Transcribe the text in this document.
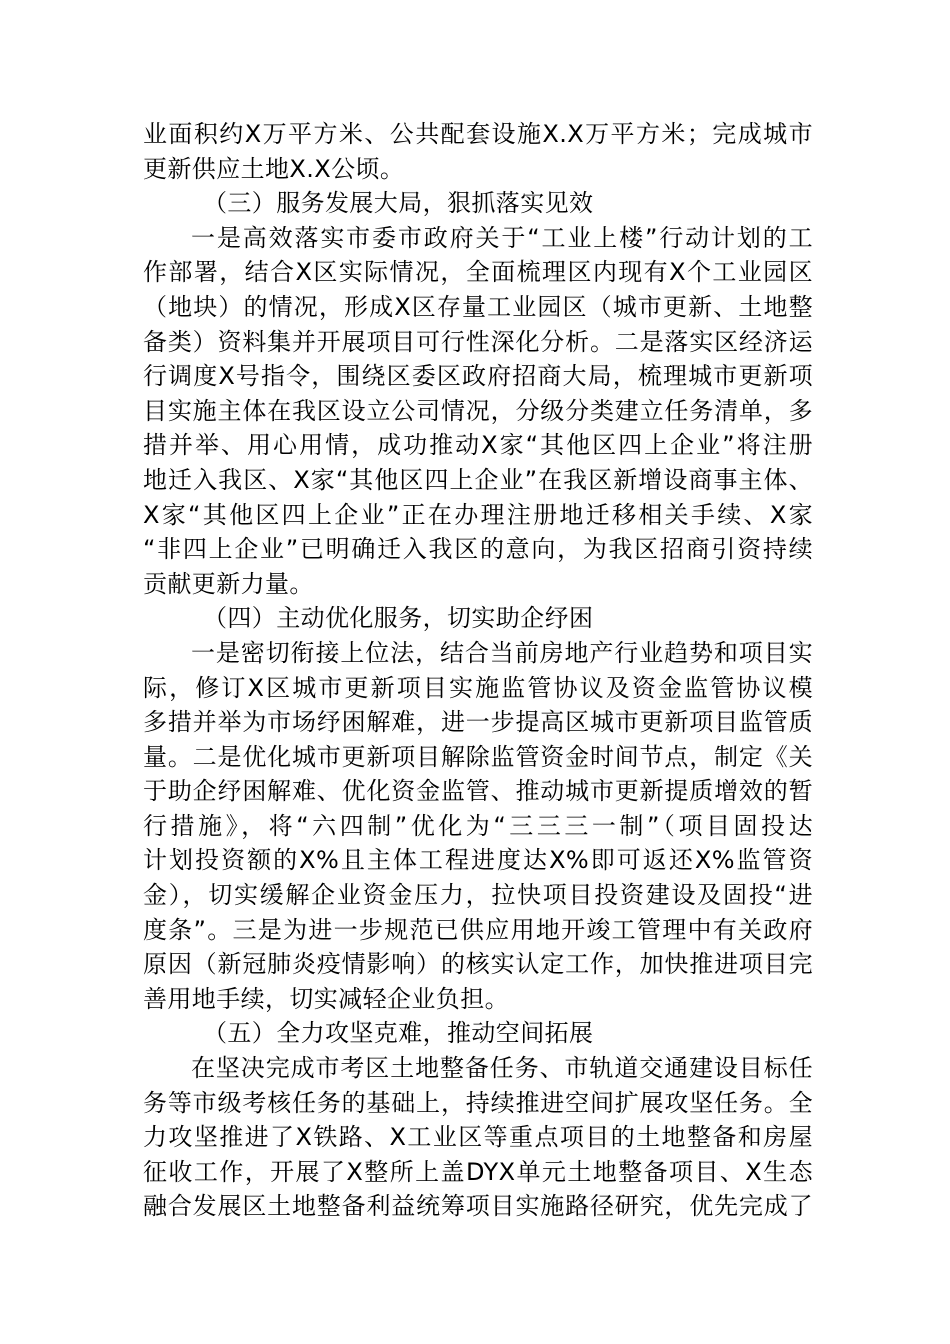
业面积约X万平方米、公共配套设施X.X万平方米；完成城市
更新供应土地X.X公顷。
（三）服务发展大局，狠抓落实见效
一是高效落实市委市政府关于“工业上楼”行动计划的工
作部署，结合X区实际情况，全面梳理区内现有X个工业园区
（地块）的情况，形成X区存量工业园区（城市更新、土地整
备类）资料集并开展项目可行性深化分析。二是落实区经济运
行调度X号指令，围绕区委区政府招商大局，梳理城市更新项
目实施主体在我区设立公司情况，分级分类建立任务清单，多
措并举、用心用情，成功推动X家“其他区四上企业”将注册
地迁入我区、X家“其他区四上企业”在我区新增设商事主体、
X家“其他区四上企业”正在办理注册地迁移相关手续、X家
“非四上企业”已明确迁入我区的意向，为我区招商引资持续
贡献更新力量。
（四）主动优化服务，切实助企纾困
一是密切衔接上位法，结合当前房地产行业趋势和项目实
际，修订X区城市更新项目实施监管协议及资金监管协议模
多措并举为市场纾困解难，进一步提高区城市更新项目监管质
量。二是优化城市更新项目解除监管资金时间节点，制定《关
于助企纾困解难、优化资金监管、推动城市更新提质增效的暂
行措施》，将“六四制”优化为“三三三一制”（项目固投达
计划投资额的X%且主体工程进度达X%即可返还X%监管资
金），切实缓解企业资金压力，拉快项目投资建设及固投“进
度条”。三是为进一步规范已供应用地开竣工管理中有关政府
原因（新冠肺炎疫情影响）的核实认定工作，加快推进项目完
善用地手续，切实减轻企业负担。
（五）全力攻坚克难，推动空间拓展
在坚决完成市考区土地整备任务、市轨道交通建设目标任
务等市级考核任务的基础上，持续推进空间扩展攻坚任务。全
力攻坚推进了X铁路、X工业区等重点项目的土地整备和房屋
征收工作，开展了X整所上盖DYX单元土地整备项目、X生态
融合发展区土地整备利益统筹项目实施路径研究，优先完成了
